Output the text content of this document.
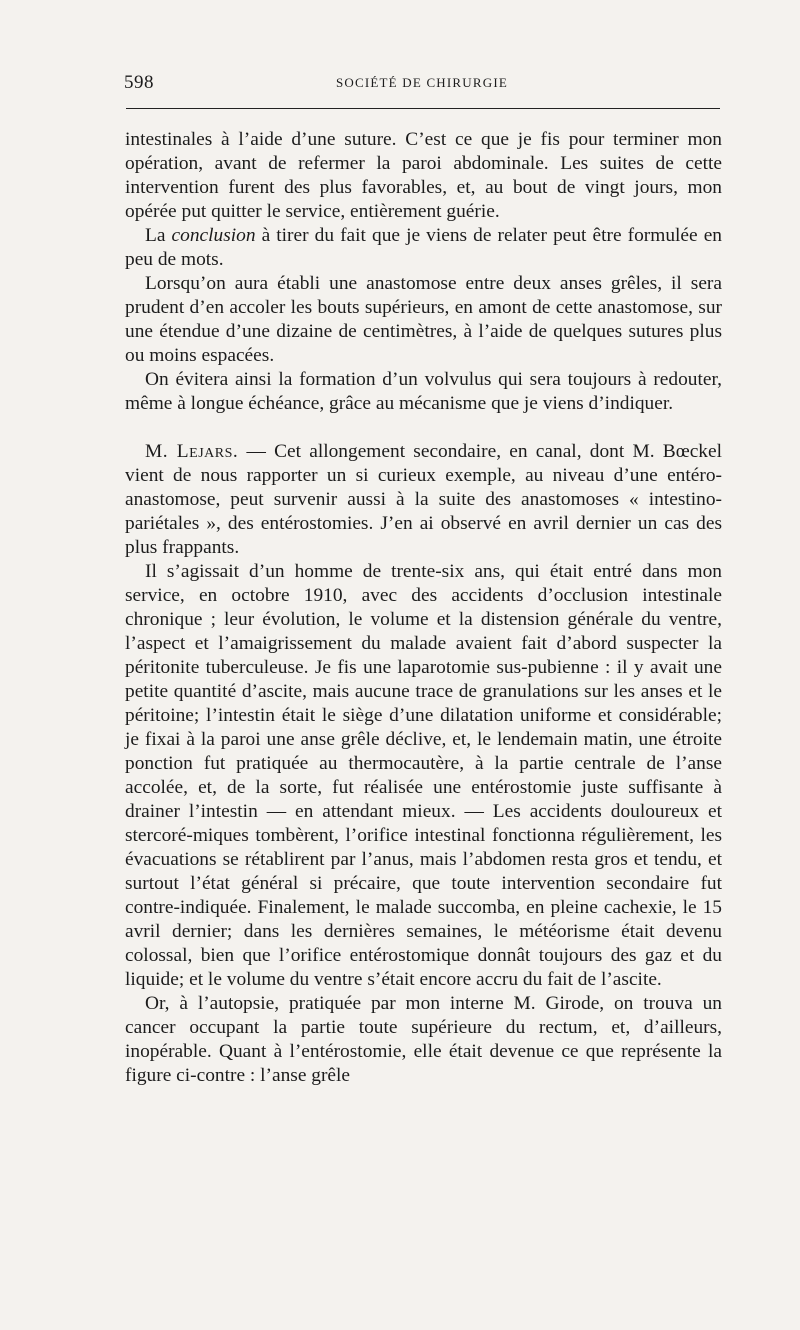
598	SOCIÉTÉ DE CHIRURGIE

intestinales à l’aide d’une suture. C’est ce que je fis pour terminer mon opération, avant de refermer la paroi abdominale. Les suites de cette intervention furent des plus favorables, et, au bout de vingt jours, mon opérée put quitter le service, entièrement guérie.

La conclusion à tirer du fait que je viens de relater peut être formulée en peu de mots.

Lorsqu’on aura établi une anastomose entre deux anses grêles, il sera prudent d’en accoler les bouts supérieurs, en amont de cette anastomose, sur une étendue d’une dizaine de centimètres, à l’aide de quelques sutures plus ou moins espacées.

On évitera ainsi la formation d’un volvulus qui sera toujours à redouter, même à longue échéance, grâce au mécanisme que je viens d’indiquer.

M. Lejars. — Cet allongement secondaire, en canal, dont M. Bœckel vient de nous rapporter un si curieux exemple, au niveau d’une entéro-anastomose, peut survenir aussi à la suite des anastomoses « intestino-pariétales », des entérostomies. J’en ai observé en avril dernier un cas des plus frappants.

Il s’agissait d’un homme de trente-six ans, qui était entré dans mon service, en octobre 1910, avec des accidents d’occlusion intestinale chronique ; leur évolution, le volume et la distension générale du ventre, l’aspect et l’amaigrissement du malade avaient fait d’abord suspecter la péritonite tuberculeuse. Je fis une laparotomie sus-pubienne : il y avait une petite quantité d’ascite, mais aucune trace de granulations sur les anses et le péritoine; l’intestin était le siège d’une dilatation uniforme et considérable; je fixai à la paroi une anse grêle déclive, et, le lendemain matin, une étroite ponction fut pratiquée au thermocautère, à la partie centrale de l’anse accolée, et, de la sorte, fut réalisée une entérostomie juste suffisante à drainer l’intestin — en attendant mieux. — Les accidents douloureux et stercoré-miques tombèrent, l’orifice intestinal fonctionna régulièrement, les évacuations se rétablirent par l’anus, mais l’abdomen resta gros et tendu, et surtout l’état général si précaire, que toute intervention secondaire fut contre-indiquée. Finalement, le malade succomba, en pleine cachexie, le 15 avril dernier; dans les dernières semaines, le météorisme était devenu colossal, bien que l’orifice entérostomique donnât toujours des gaz et du liquide; et le volume du ventre s’était encore accru du fait de l’ascite.

Or, à l’autopsie, pratiquée par mon interne M. Girode, on trouva un cancer occupant la partie toute supérieure du rectum, et, d’ailleurs, inopérable. Quant à l’entérostomie, elle était devenue ce que représente la figure ci-contre : l’anse grêle
